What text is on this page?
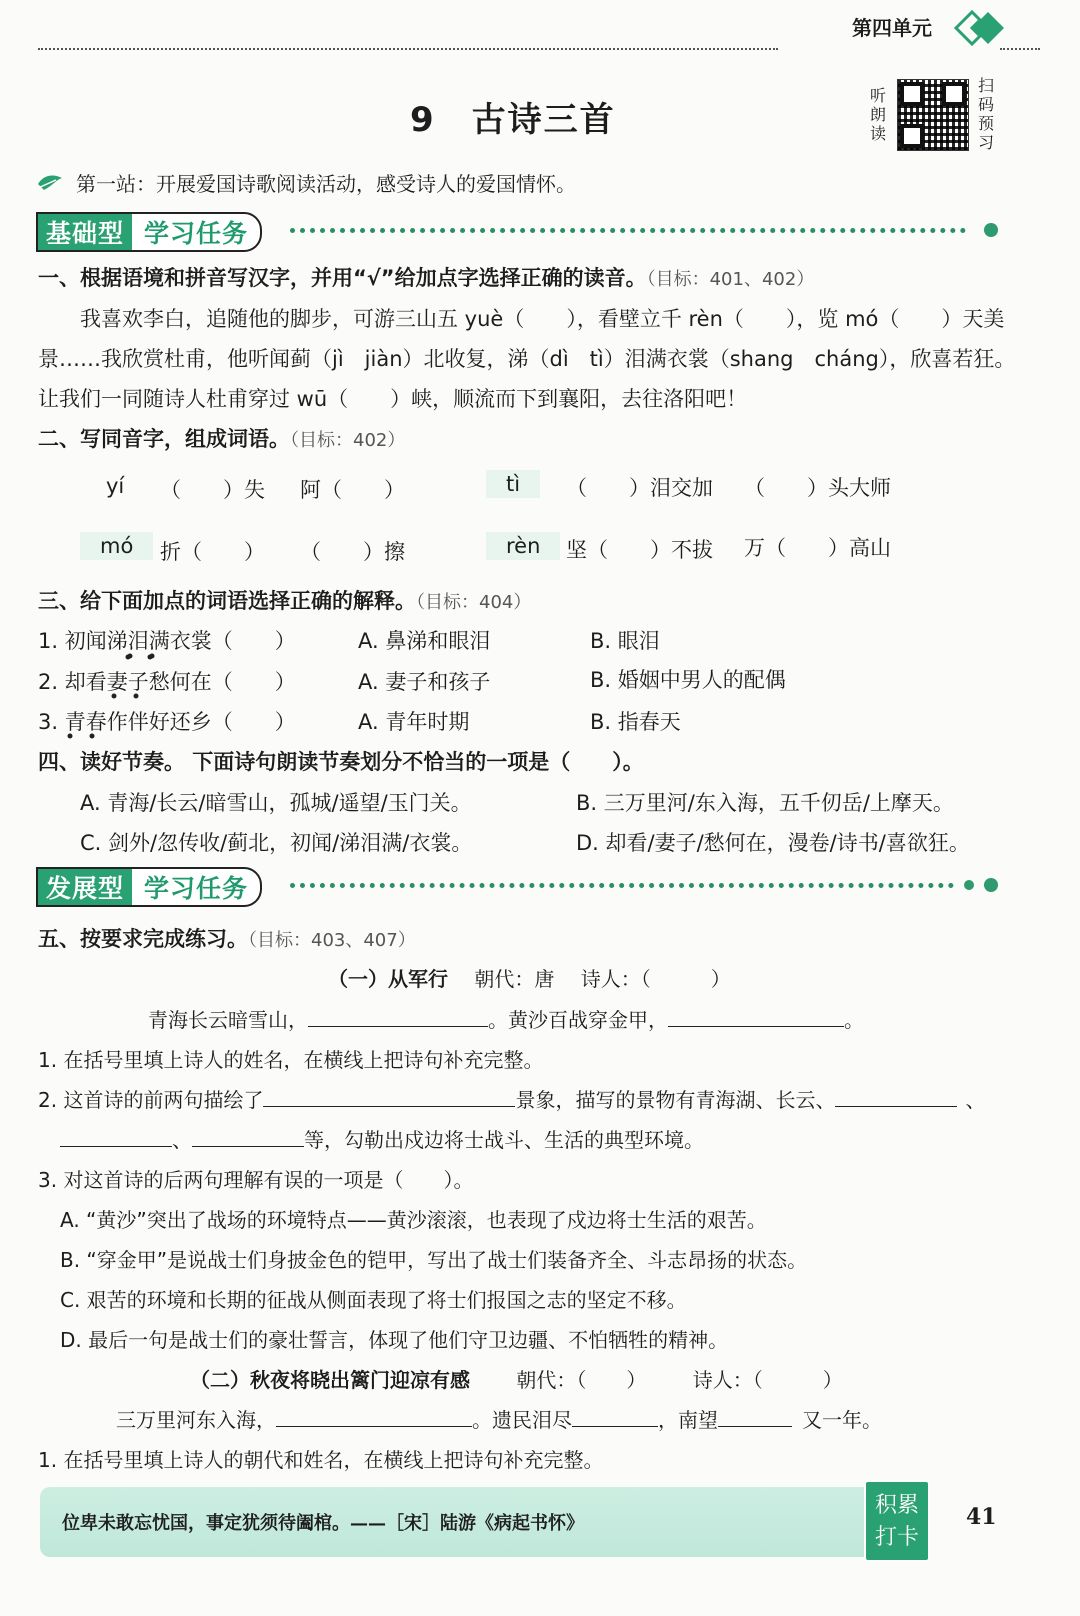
第四单元
9　古诗三首
听
朗
读
扫
码
预
习
第一站：开展爱国诗歌阅读活动，感受诗人的爱国情怀。
基础型 学习任务
一、根据语境和拼音写汉字，并用“√”给加点字选择正确的读音。（目标：401、402）
我喜欢李白，追随他的脚步，可游三山五 yuè（　　），看壁立千 rèn（　　），览 mó（　　）天美
景……我欣赏杜甫，他听闻蓟（jì　jiàn）北收复，涕（dì　tì）泪满衣裳（shang　cháng），欣喜若狂。
让我们一同随诗人杜甫穿过 wū（　　）峡，顺流而下到襄阳，去往洛阳吧！
二、写同音字，组成词语。（目标：402）
yí （　　）失 阿（　　）	tì	（　　）泪交加 （　　）头大师
mó	折（　　） （　　）擦	rèn	坚（　　）不拔 万（　　）高山
三、给下面加点的词语选择正确的解释。（目标：404）
1. 初闻涕泪满衣裳（　　）	A. 鼻涕和眼泪	B. 眼泪
2. 却看妻子愁何在（　　）	A. 妻子和孩子	B. 婚姻中男人的配偶
3. 青春作伴好还乡（　　）	A. 青年时期	B. 指春天
四、读好节奏。 下面诗句朗读节奏划分不恰当的一项是（　　）。
A. 青海/长云/暗雪山，孤城/遥望/玉门关。	B. 三万里河/东入海，五千仞岳/上摩天。
C. 剑外/忽传收/蓟北，初闻/涕泪满/衣裳。	D. 却看/妻子/愁何在，漫卷/诗书/喜欲狂。
发展型 学习任务
五、按要求完成练习。（目标：403、407）
（一）从军行 朝代：唐 诗人：（　　　）
青海长云暗雪山，	。黄沙百战穿金甲，	。
1. 在括号里填上诗人的姓名，在横线上把诗句补充完整。
2. 这首诗的前两句描绘了	景象，描写的景物有青海湖、长云、	、
、	等，勾勒出戍边将士战斗、生活的典型环境。
3. 对这首诗的后两句理解有误的一项是（　　）。
A. “黄沙”突出了战场的环境特点——黄沙滚滚，也表现了戍边将士生活的艰苦。
B. “穿金甲”是说战士们身披金色的铠甲，写出了战士们装备齐全、斗志昂扬的状态。
C. 艰苦的环境和长期的征战从侧面表现了将士们报国之志的坚定不移。
D. 最后一句是战士们的豪壮誓言，体现了他们守卫边疆、不怕牺牲的精神。
（二）秋夜将晓出篱门迎凉有感 朝代：（　　） 诗人：（　　　）
三万里河东入海，	。遗民泪尽	，南望	又一年。
1. 在括号里填上诗人的朝代和姓名，在横线上把诗句补充完整。
位卑未敢忘忧国，事定犹须待阖棺。——［宋］陆游《病起书怀》
积累
打卡
41
